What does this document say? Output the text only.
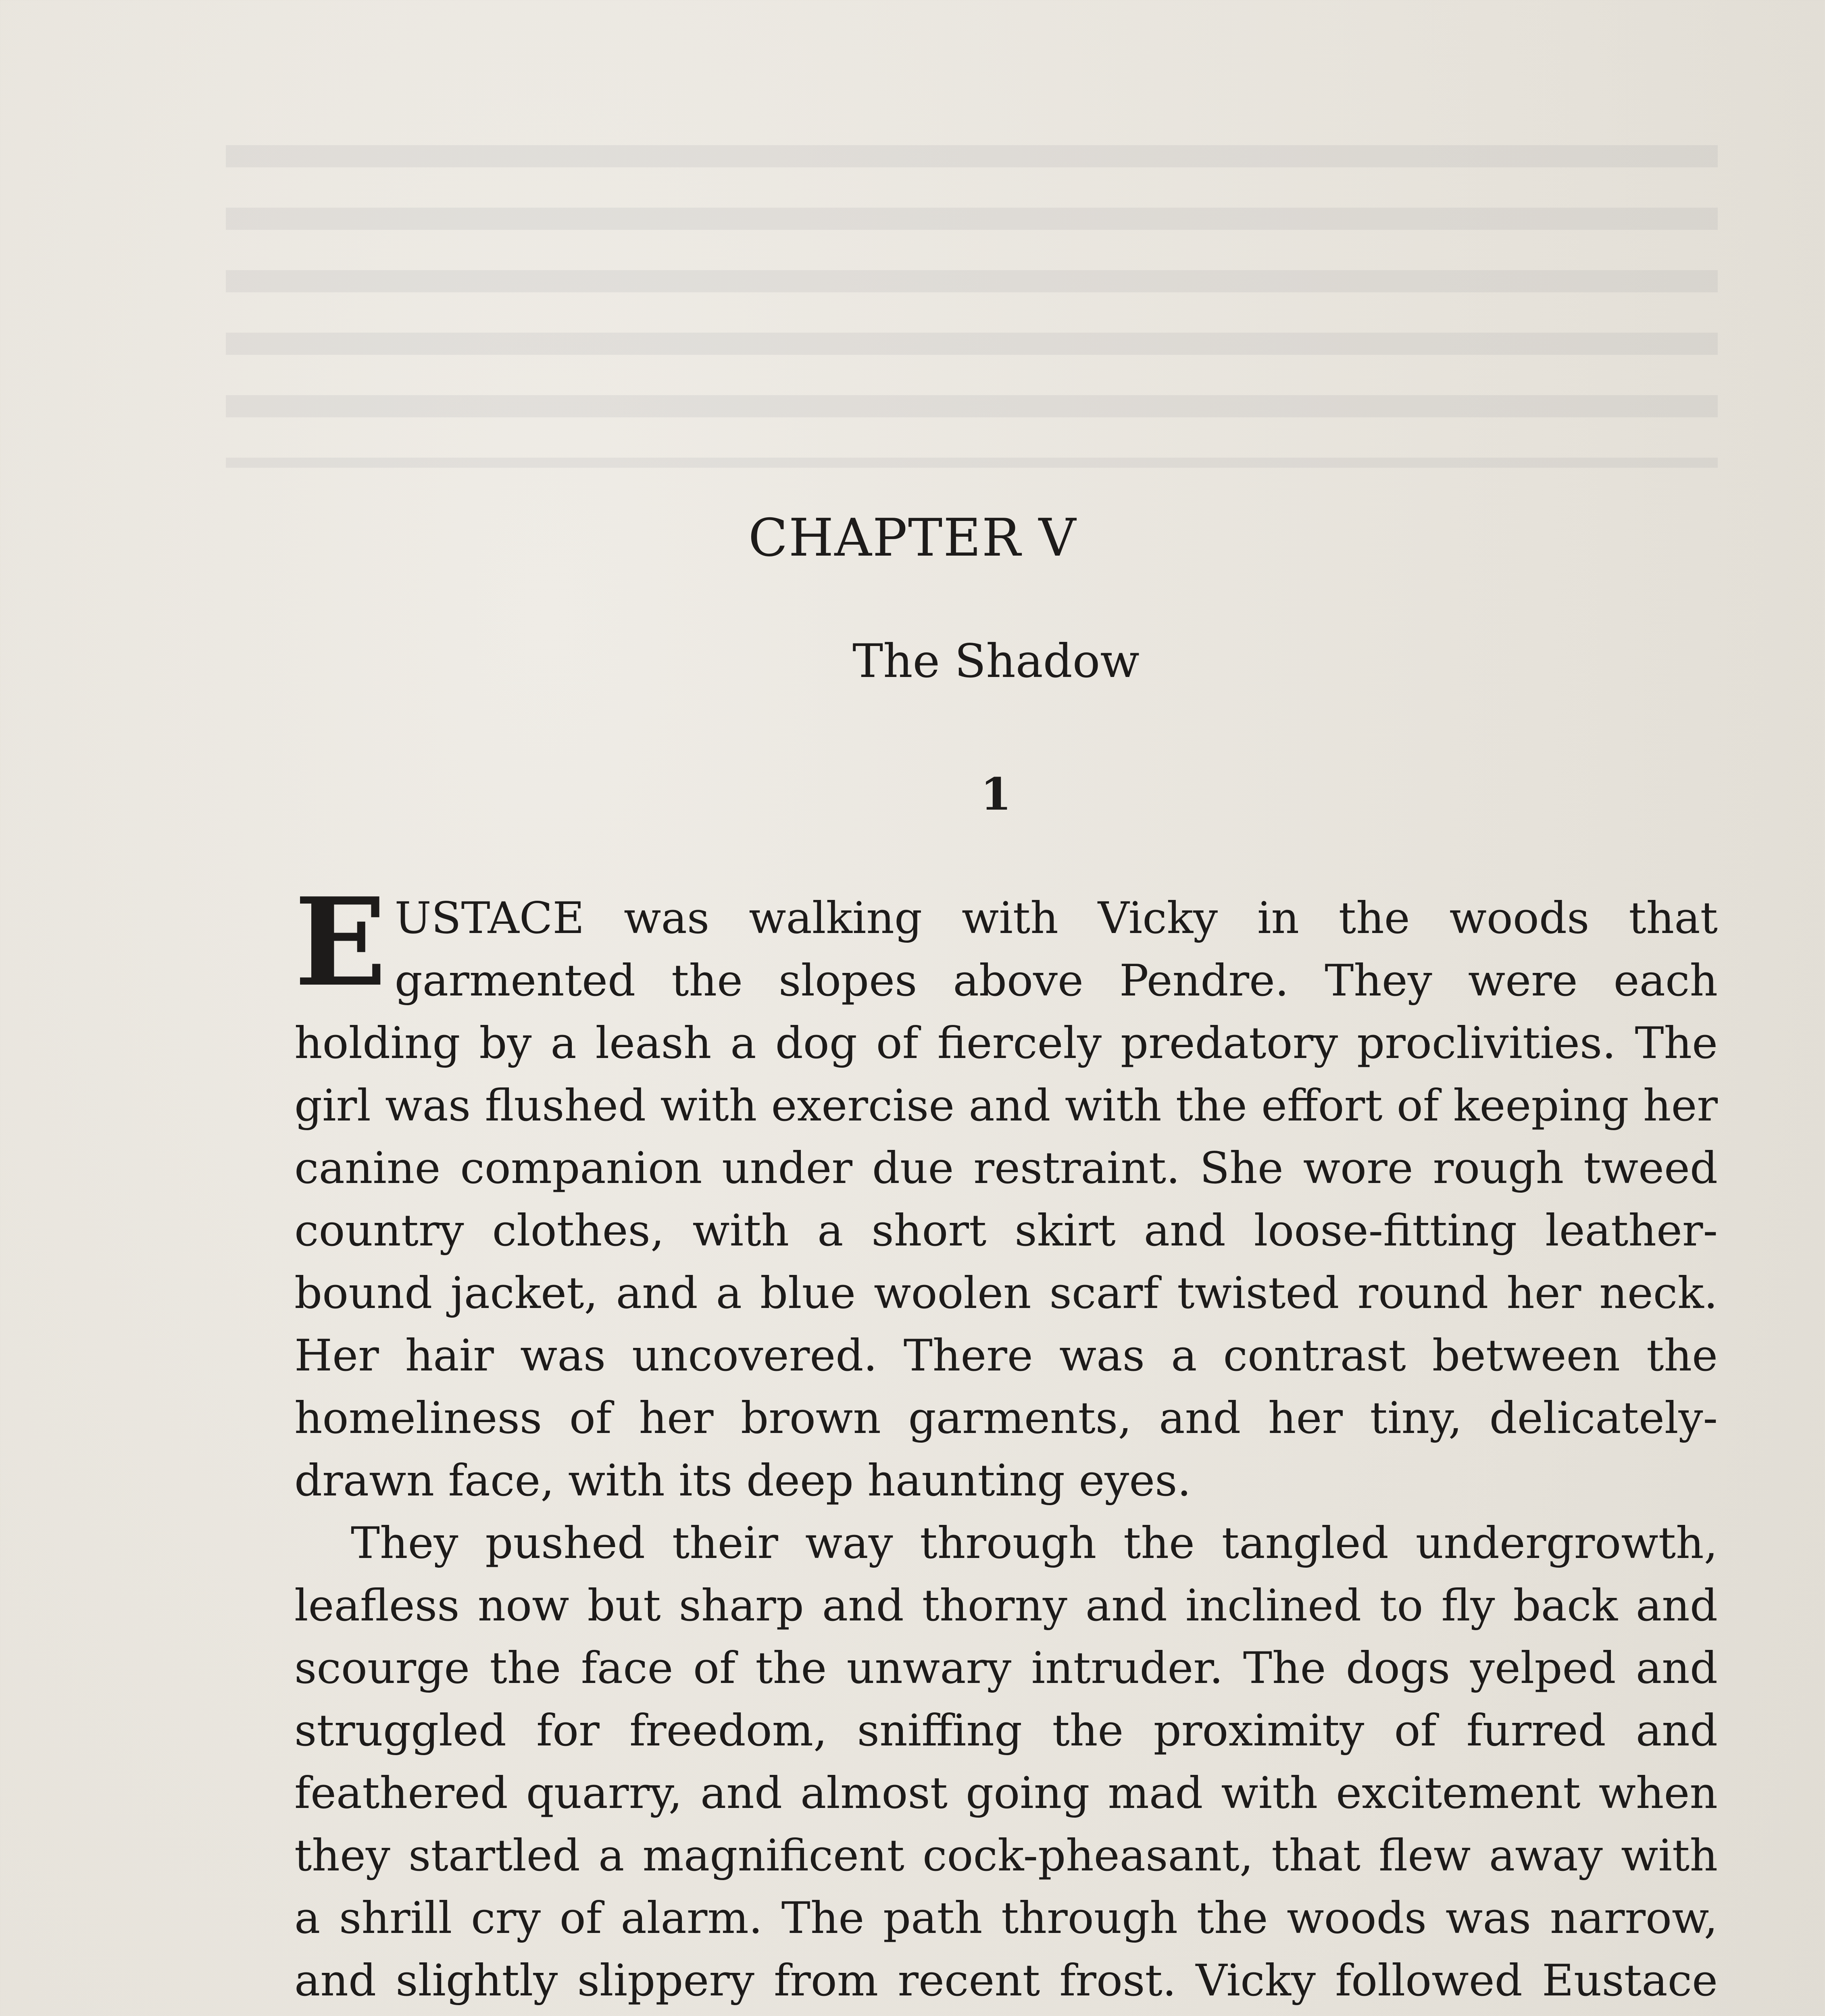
CHAPTER V
The Shadow
1

EUSTACE was walking with Vicky in the woods that garmented the slopes above Pendre. They were each holding by a leash a dog of fiercely predatory proclivities. The girl was flushed with exercise and with the effort of keeping her canine companion under due restraint. She wore rough tweed country clothes, with a short skirt and loose-fitting leather-bound jacket, and a blue woolen scarf twisted round her neck. Her hair was uncovered. There was a contrast between the homeliness of her brown garments, and her tiny, delicately-drawn face, with its deep haunting eyes.

They pushed their way through the tangled undergrowth, leafless now but sharp and thorny and inclined to fly back and scourge the face of the unwary intruder. The dogs yelped and struggled for freedom, sniffing the proximity of furred and feathered quarry, and almost going mad with excitement when they startled a magnificent cock-pheasant, that flew away with a shrill cry of alarm. The path through the woods was narrow, and slightly slippery from recent frost. Vicky followed Eustace
